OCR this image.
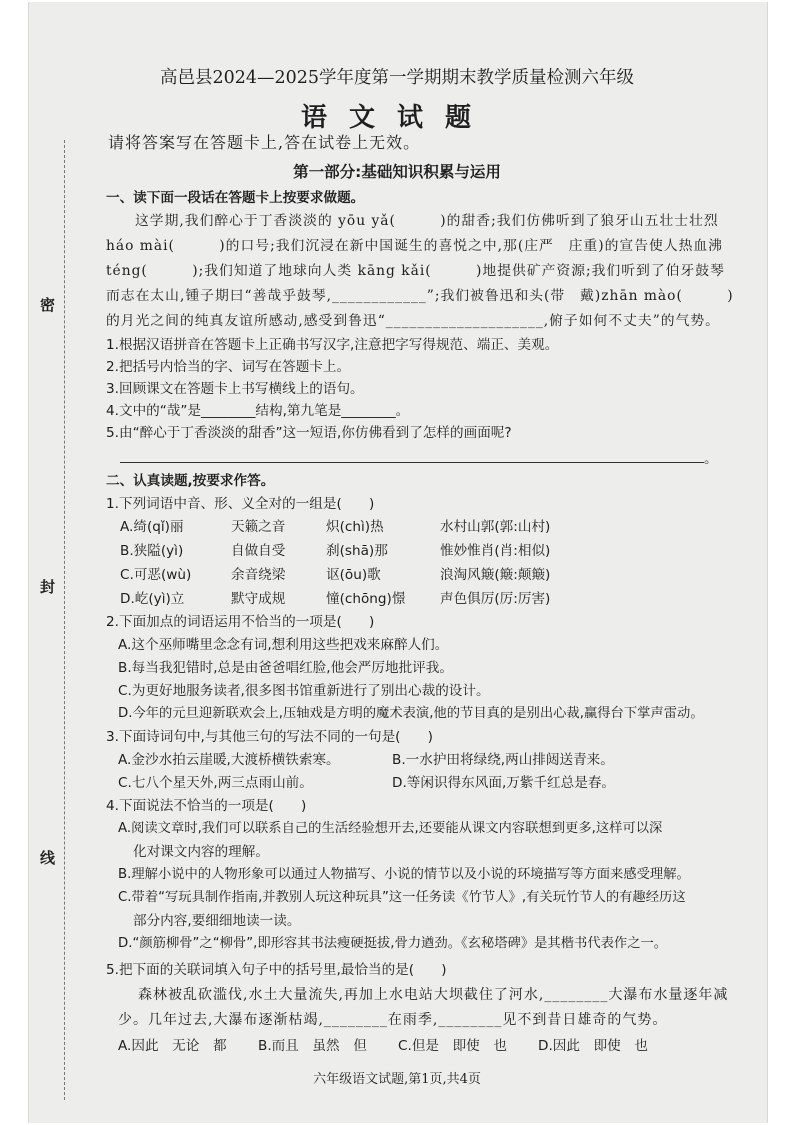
密
封
线
高邑县2024—2025学年度第一学期期末教学质量检测六年级
语文试题
请将答案写在答题卡上,答在试卷上无效。
第一部分:基础知识积累与运用
一、读下面一段话在答题卡上按要求做题。
这学期,我们醉心于丁香淡淡的 yōu yǎ(　　　)的甜香;我们仿佛听到了狼牙山五壮士壮烈
háo mài(　　　)的口号;我们沉浸在新中国诞生的喜悦之中,那(庄严　庄重)的宣告使人热血沸
téng(　　　);我们知道了地球向人类 kāng kǎi(　　　)地提供矿产资源;我们听到了伯牙鼓琴
而志在太山,锺子期曰“善哉乎鼓琴,____________”;我们被鲁迅和头(带　戴)zhān mào(　　　)
的月光之间的纯真友谊所感动,感受到鲁迅“____________________,俯子如何不丈夫”的气势。
1.根据汉语拼音在答题卡上正确书写汉字,注意把字写得规范、端正、美观。
2.把括号内恰当的字、词写在答题卡上。
3.回顾课文在答题卡上书写横线上的语句。
4.文中的“哉”是________结构,第九笔是________。
5.由“醉心于丁香淡淡的甜香”这一短语,你仿佛看到了怎样的画面呢?
。
二、认真读题,按要求作答。
1.下列词语中音、形、义全对的一组是(　　)
A.绮(qǐ)丽	天籁之音	炽(chì)热	水村山郭(郭:山村)
B.狭隘(yì)	自做自受	刹(shā)那	惟妙惟肖(肖:相似)
C.可恶(wù)	余音绕梁	讴(ōu)歌	浪淘风簸(簸:颠簸)
D.屹(yì)立	默守成规	憧(chōng)憬	声色俱厉(厉:厉害)
2.下面加点的词语运用不恰当的一项是(　　)
A.这个巫师嘴里念念有词,想利用这些把戏来麻醉人们。
B.每当我犯错时,总是由爸爸唱红脸,他会严厉地批评我。
C.为更好地服务读者,很多图书馆重新进行了别出心裁的设计。
D.今年的元旦迎新联欢会上,压轴戏是方明的魔术表演,他的节目真的是别出心裁,赢得台下掌声雷动。
3.下面诗词句中,与其他三句的写法不同的一句是(　　)
A.金沙水拍云崖暖,大渡桥横铁索寒。	B.一水护田将绿绕,两山排闼送青来。
C.七八个星天外,两三点雨山前。	D.等闲识得东风面,万紫千红总是春。
4.下面说法不恰当的一项是(　　)
A.阅读文章时,我们可以联系自己的生活经验想开去,还要能从课文内容联想到更多,这样可以深
化对课文内容的理解。
B.理解小说中的人物形象可以通过人物描写、小说的情节以及小说的环境描写等方面来感受理解。
C.带着“写玩具制作指南,并教别人玩这种玩具”这一任务读《竹节人》,有关玩竹节人的有趣经历这
部分内容,要细细地读一读。
D.“颜筋柳骨”之“柳骨”,即形容其书法瘦硬挺拔,骨力遒劲。《玄秘塔碑》是其楷书代表作之一。
5.把下面的关联词填入句子中的括号里,最恰当的是(　　)
森林被乱砍滥伐,水土大量流失,再加上水电站大坝截住了河水,________大瀑布水量逐年减
少。几年过去,大瀑布逐渐枯竭,________在雨季,________见不到昔日雄奇的气势。
A.因此　无论　都 B.而且　虽然　但 C.但是　即使　也 D.因此　即使　也
六年级语文试题,第1页,共4页
